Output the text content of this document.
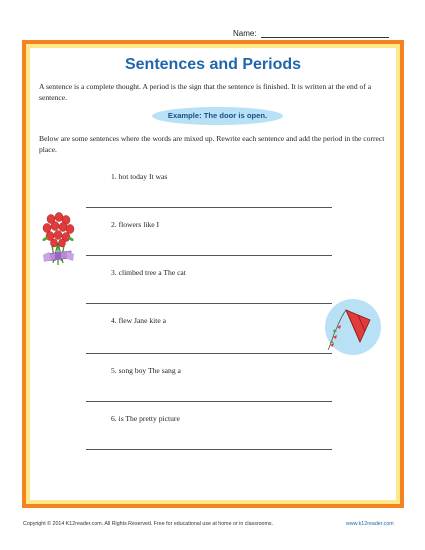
Name:
Sentences and Periods
A sentence is a complete thought. A period is the sign that the sentence is finished. It is written at the end of a sentence.
Example: The door is open.
Below are some sentences where the words are mixed up. Rewrite each sentence and add the period in the correct place.
1. hot today It was
2. flowers like I
3. climbed tree a The cat
4. flew Jane kite a
5. song boy The sang a
6. is The pretty picture
Copyright © 2014 K12reader.com. All Rights Reserved. Free for educational use at home or in classrooms.	www.k12reader.com
